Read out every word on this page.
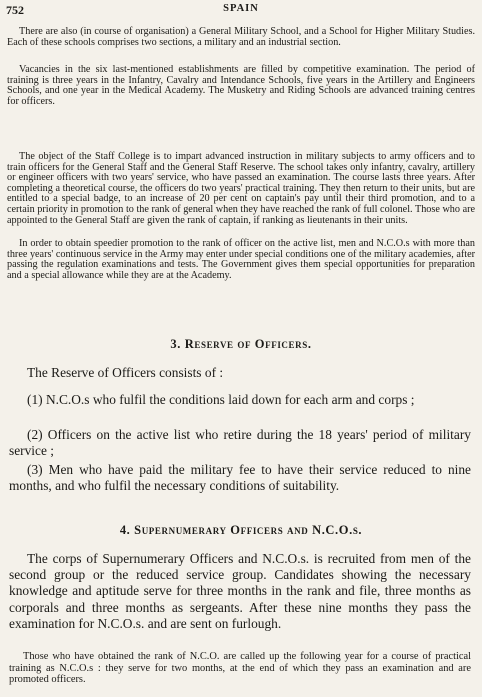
752	SPAIN

There are also (in course of organisation) a General Military School, and a School for Higher Military Studies. Each of these schools comprises two sections, a military and an industrial section.

Vacancies in the six last-mentioned establishments are filled by competitive examination. The period of training is three years in the Infantry, Cavalry and Intendance Schools, five years in the Artillery and Engineers Schools, and one year in the Medical Academy. The Musketry and Riding Schools are advanced training centres for officers.

The object of the Staff College is to impart advanced instruction in military subjects to army officers and to train officers for the General Staff and the General Staff Reserve. The school takes only infantry, cavalry, artillery or engineer officers with two years' service, who have passed an examination. The course lasts three years. After completing a theoretical course, the officers do two years' practical training. They then return to their units, but are entitled to a special badge, to an increase of 20 per cent on captain's pay until their third promotion, and to a certain priority in promotion to the rank of general when they have reached the rank of full colonel. Those who are appointed to the General Staff are given the rank of captain, if ranking as lieutenants in their units.

In order to obtain speedier promotion to the rank of officer on the active list, men and N.C.O.s with more than three years' continuous service in the Army may enter under special conditions one of the military academies, after passing the regulation examinations and tests. The Government gives them special opportunities for preparation and a special allowance while they are at the Academy.

3. Reserve of Officers.

The Reserve of Officers consists of :

(1) N.C.O.s who fulfil the conditions laid down for each arm and corps ;

(2) Officers on the active list who retire during the 18 years' period of military service ;

(3) Men who have paid the military fee to have their service reduced to nine months, and who fulfil the necessary conditions of suitability.

4. Supernumerary Officers and N.C.O.s.

The corps of Supernumerary Officers and N.C.O.s. is recruited from men of the second group or the reduced service group. Candidates showing the necessary knowledge and aptitude serve for three months in the rank and file, three months as corporals and three months as sergeants. After these nine months they pass the examination for N.C.O.s. and are sent on furlough.

Those who have obtained the rank of N.C.O. are called up the following year for a course of practical training as N.C.O.s : they serve for two months, at the end of which they pass an examination and are promoted officers.
